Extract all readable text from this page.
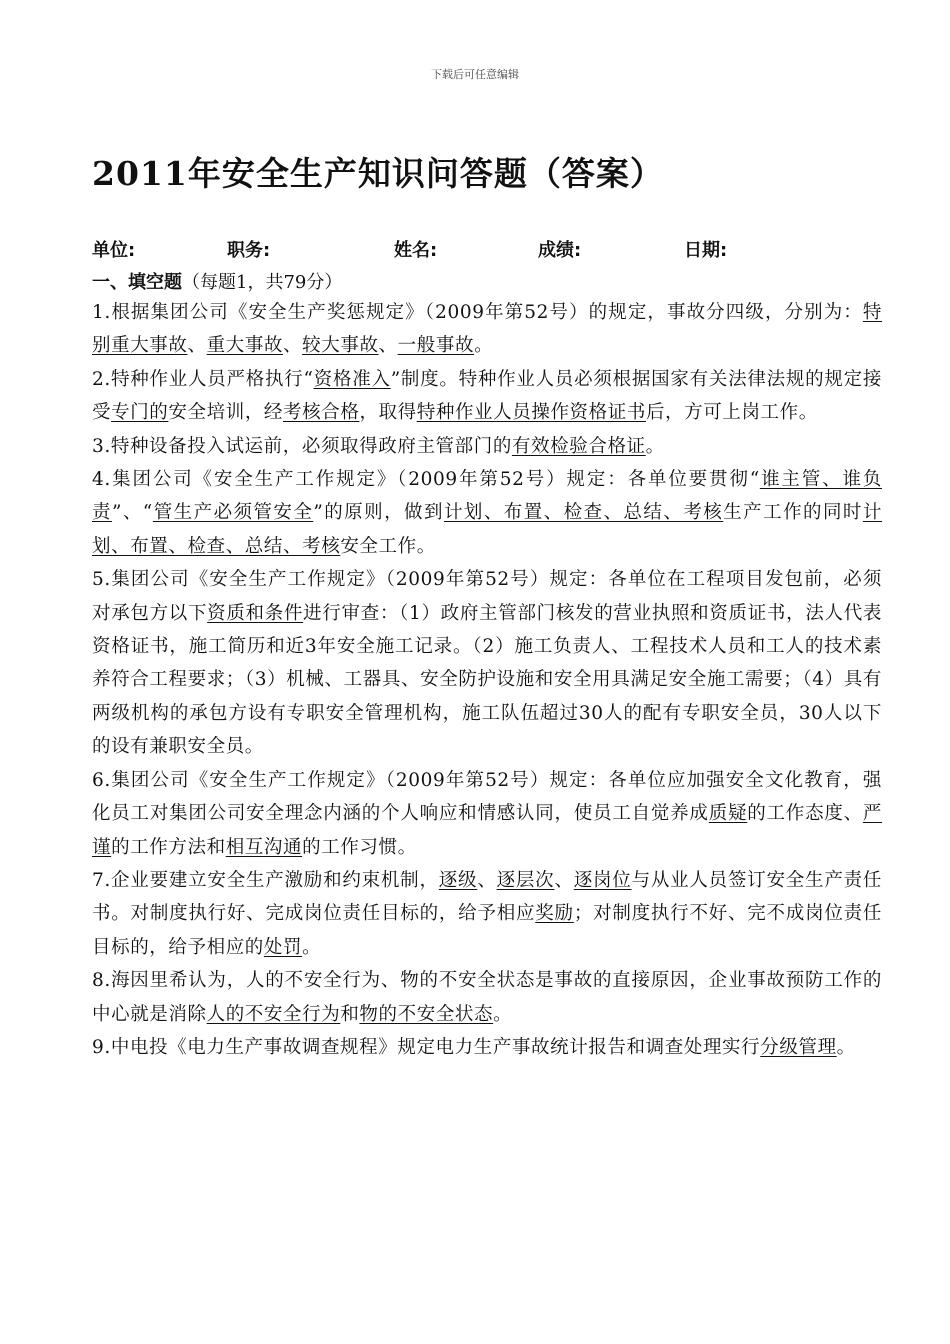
下载后可任意编辑
2011年安全生产知识问答题（答案）
单位:	职务:	姓名:	成绩:	日期:
一、填空题（每题1，共79分）

1.根据集团公司《安全生产奖惩规定》（2009年第52号）的规定，事故分四级，分别为：特别重大事故、重大事故、较大事故、一般事故。

2.特种作业人员严格执行“资格准入”制度。特种作业人员必须根据国家有关法律法规的规定接受专门的安全培训，经考核合格，取得特种作业人员操作资格证书后，方可上岗工作。

3.特种设备投入试运前，必须取得政府主管部门的有效检验合格证。

4.集团公司《安全生产工作规定》（2009年第52号）规定：各单位要贯彻“谁主管、谁负责”、“管生产必须管安全”的原则，做到计划、布置、检查、总结、考核生产工作的同时计划、布置、检查、总结、考核安全工作。

5.集团公司《安全生产工作规定》（2009年第52号）规定：各单位在工程项目发包前，必须对承包方以下资质和条件进行审查：（1）政府主管部门核发的营业执照和资质证书，法人代表资格证书，施工简历和近3年安全施工记录。（2）施工负责人、工程技术人员和工人的技术素养符合工程要求；（3）机械、工器具、安全防护设施和安全用具满足安全施工需要；（4）具有两级机构的承包方设有专职安全管理机构，施工队伍超过30人的配有专职安全员，30人以下的设有兼职安全员。

6.集团公司《安全生产工作规定》（2009年第52号）规定：各单位应加强安全文化教育，强化员工对集团公司安全理念内涵的个人响应和情感认同，使员工自觉养成质疑的工作态度、严谨的工作方法和相互沟通的工作习惯。

7.企业要建立安全生产激励和约束机制，逐级、逐层次、逐岗位与从业人员签订安全生产责任书。对制度执行好、完成岗位责任目标的，给予相应奖励；对制度执行不好、完不成岗位责任目标的，给予相应的处罚。

8.海因里希认为，人的不安全行为、物的不安全状态是事故的直接原因，企业事故预防工作的中心就是消除人的不安全行为和物的不安全状态。

9.中电投《电力生产事故调查规程》规定电力生产事故统计报告和调查处理实行分级管理。
